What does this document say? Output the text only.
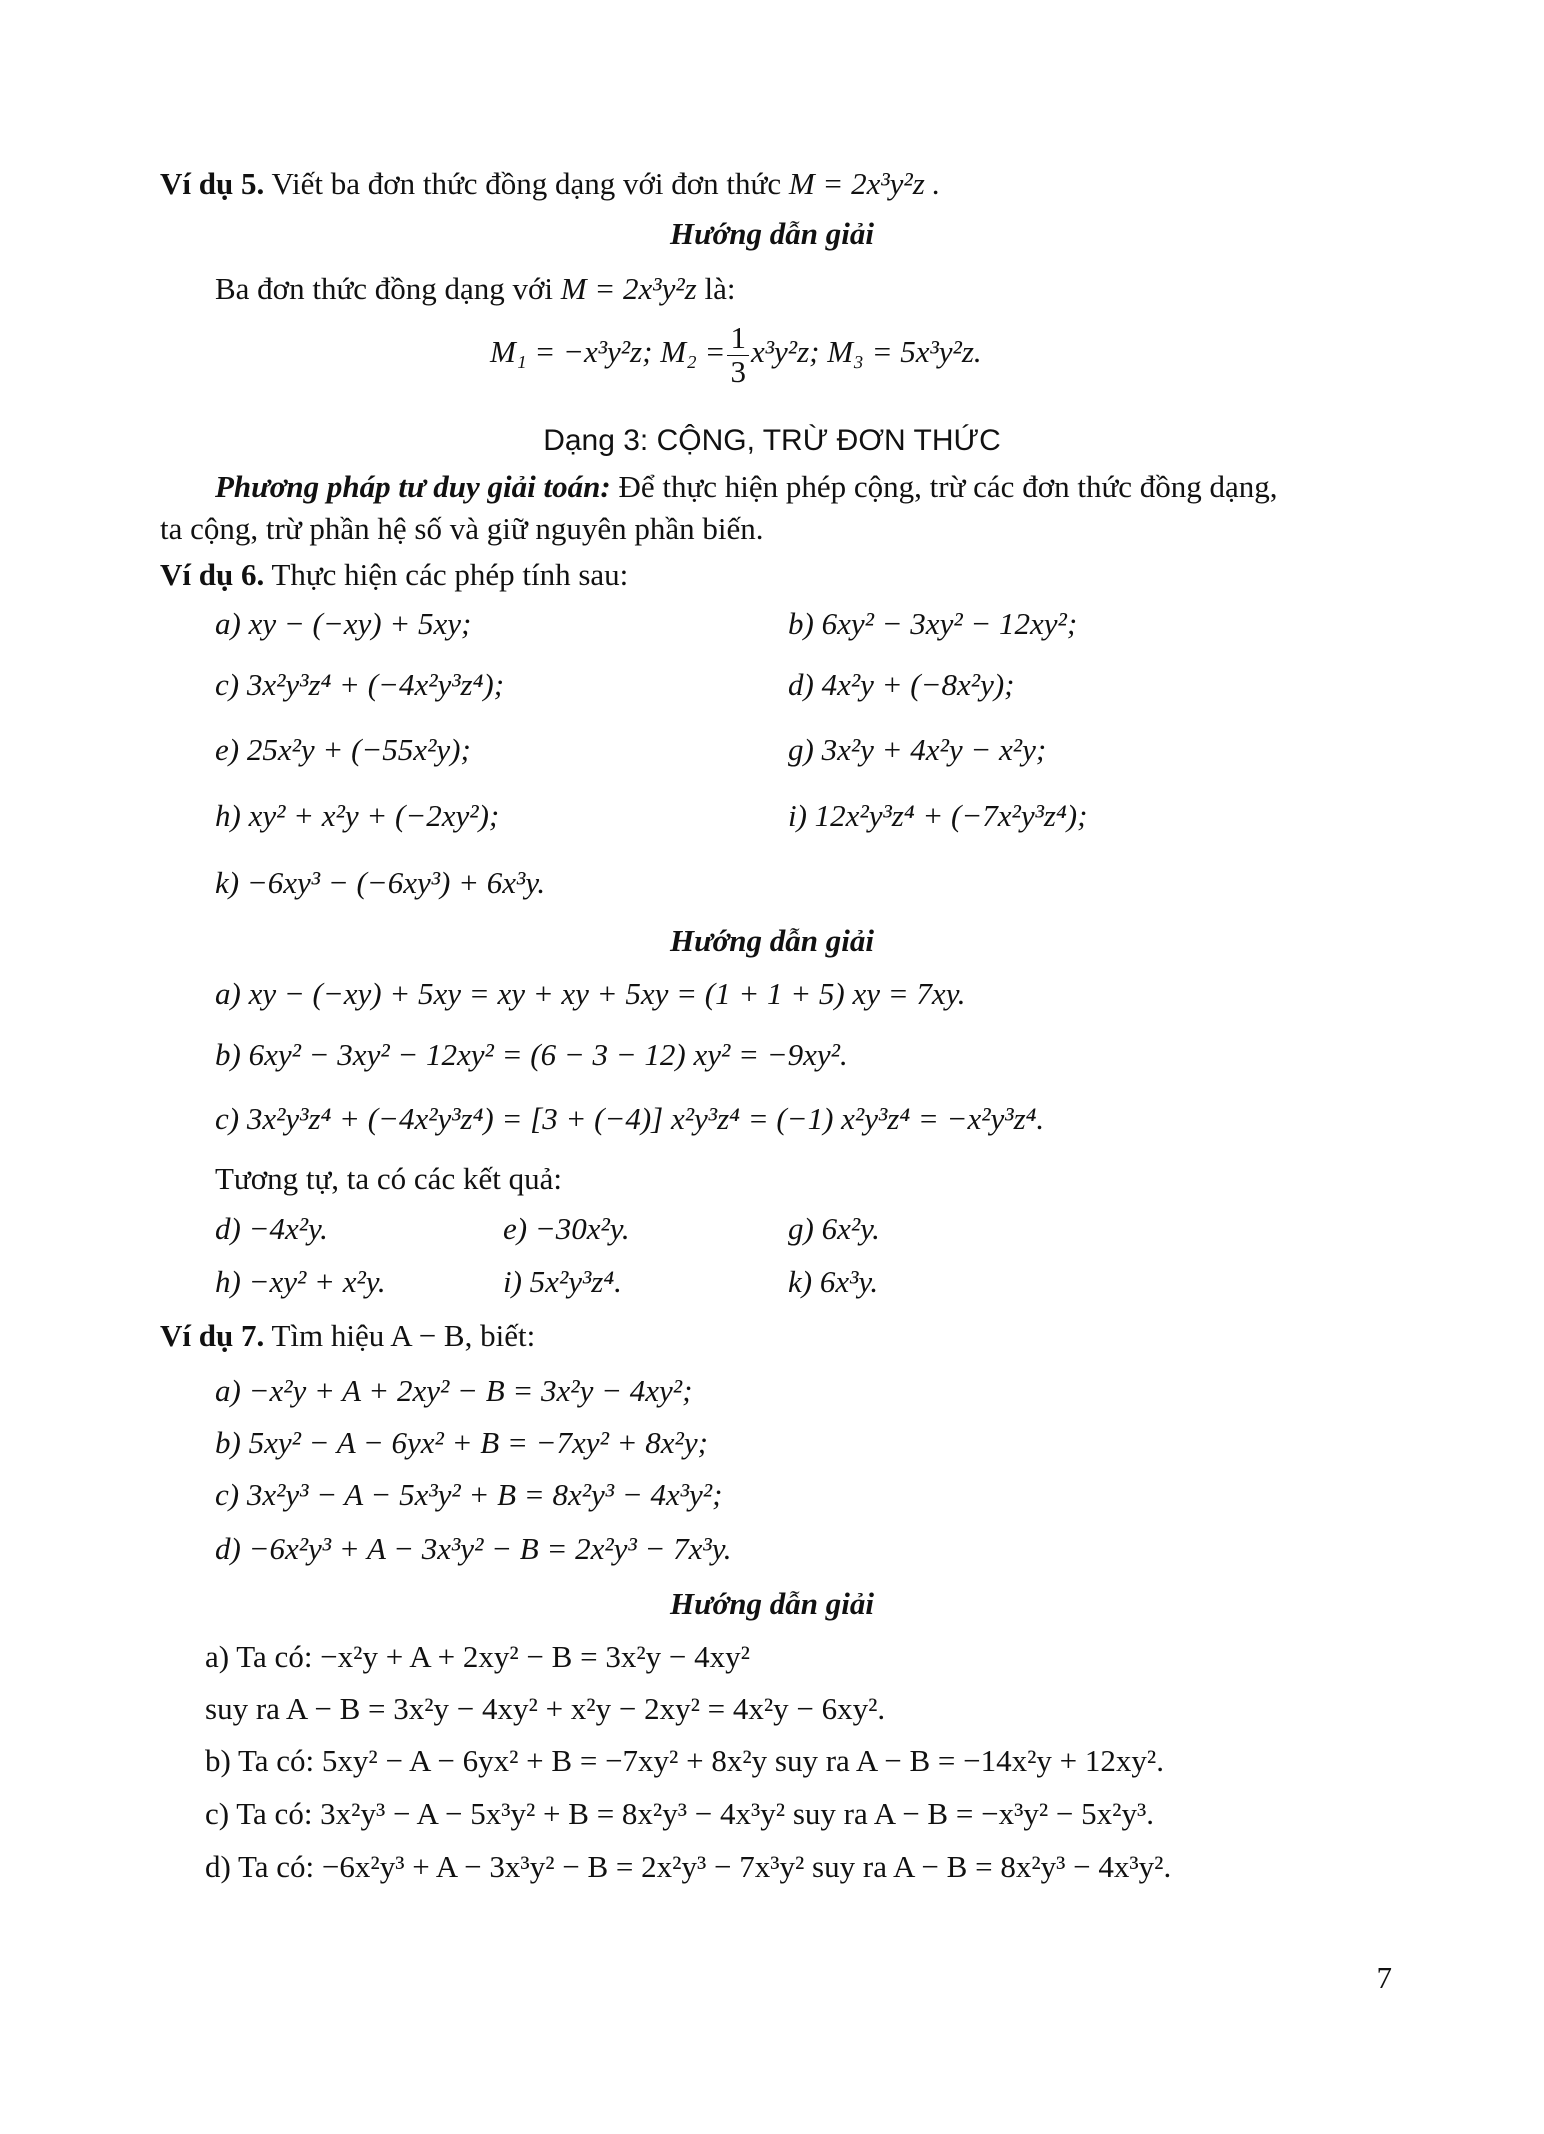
Ví dụ 5. Viết ba đơn thức đồng dạng với đơn thức M = 2x³y²z .
Hướng dẫn giải
Ba đơn thức đồng dạng với M = 2x³y²z là:
M₁ = −x³y²z; $M_2 = \frac{1}{3} x^3y^2z$; M₃ = 5x³y²z.
Dạng 3: CỘNG, TRỪ ĐƠN THỨC
Phương pháp tư duy giải toán: Để thực hiện phép cộng, trừ các đơn thức đồng dạng,
ta cộng, trừ phần hệ số và giữ nguyên phần biến.
Ví dụ 6. Thực hiện các phép tính sau:
a) xy − (−xy) + 5xy;	b) 6xy² − 3xy² − 12xy²;
c) 3x²y³z⁴ + (−4x²y³z⁴);	d) 4x²y + (−8x²y);
e) 25x²y + (−55x²y);	g) 3x²y + 4x²y − x²y;
h) xy² + x²y + (−2xy²);	i) 12x²y³z⁴ + (−7x²y³z⁴);
k) −6xy³ − (−6xy³) + 6x³y.
Hướng dẫn giải
a) xy − (−xy) + 5xy = xy + xy + 5xy = (1 + 1 + 5) xy = 7xy.
b) 6xy² − 3xy² − 12xy² = (6 − 3 − 12) xy² = −9xy².
c) 3x²y³z⁴ + (−4x²y³z⁴) = [3 + (−4)] x²y³z⁴ = (−1) x²y³z⁴ = −x²y³z⁴.
Tương tự, ta có các kết quả:
d) −4x²y.	e) −30x²y.	g) 6x²y.
h) −xy² + x²y.	i) 5x²y³z⁴.	k) 6x³y.
Ví dụ 7. Tìm hiệu A − B, biết:
a) −x²y + A + 2xy² − B = 3x²y − 4xy²;
b) 5xy² − A − 6yx² + B = −7xy² + 8x²y;
c) 3x²y³ − A − 5x³y² + B = 8x²y³ − 4x³y²;
d) −6x²y³ + A − 3x³y² − B = 2x²y³ − 7x³y.
Hướng dẫn giải
a) Ta có: −x²y + A + 2xy² − B = 3x²y − 4xy²
suy ra A − B = 3x²y − 4xy² + x²y − 2xy² = 4x²y − 6xy².
b) Ta có: 5xy² − A − 6yx² + B = −7xy² + 8x²y suy ra A − B = −14x²y + 12xy².
c) Ta có: 3x²y³ − A − 5x³y² + B = 8x²y³ − 4x³y² suy ra A − B = −x³y² − 5x²y³.
d) Ta có: −6x²y³ + A − 3x³y² − B = 2x²y³ − 7x³y² suy ra A − B = 8x²y³ − 4x³y².
7
